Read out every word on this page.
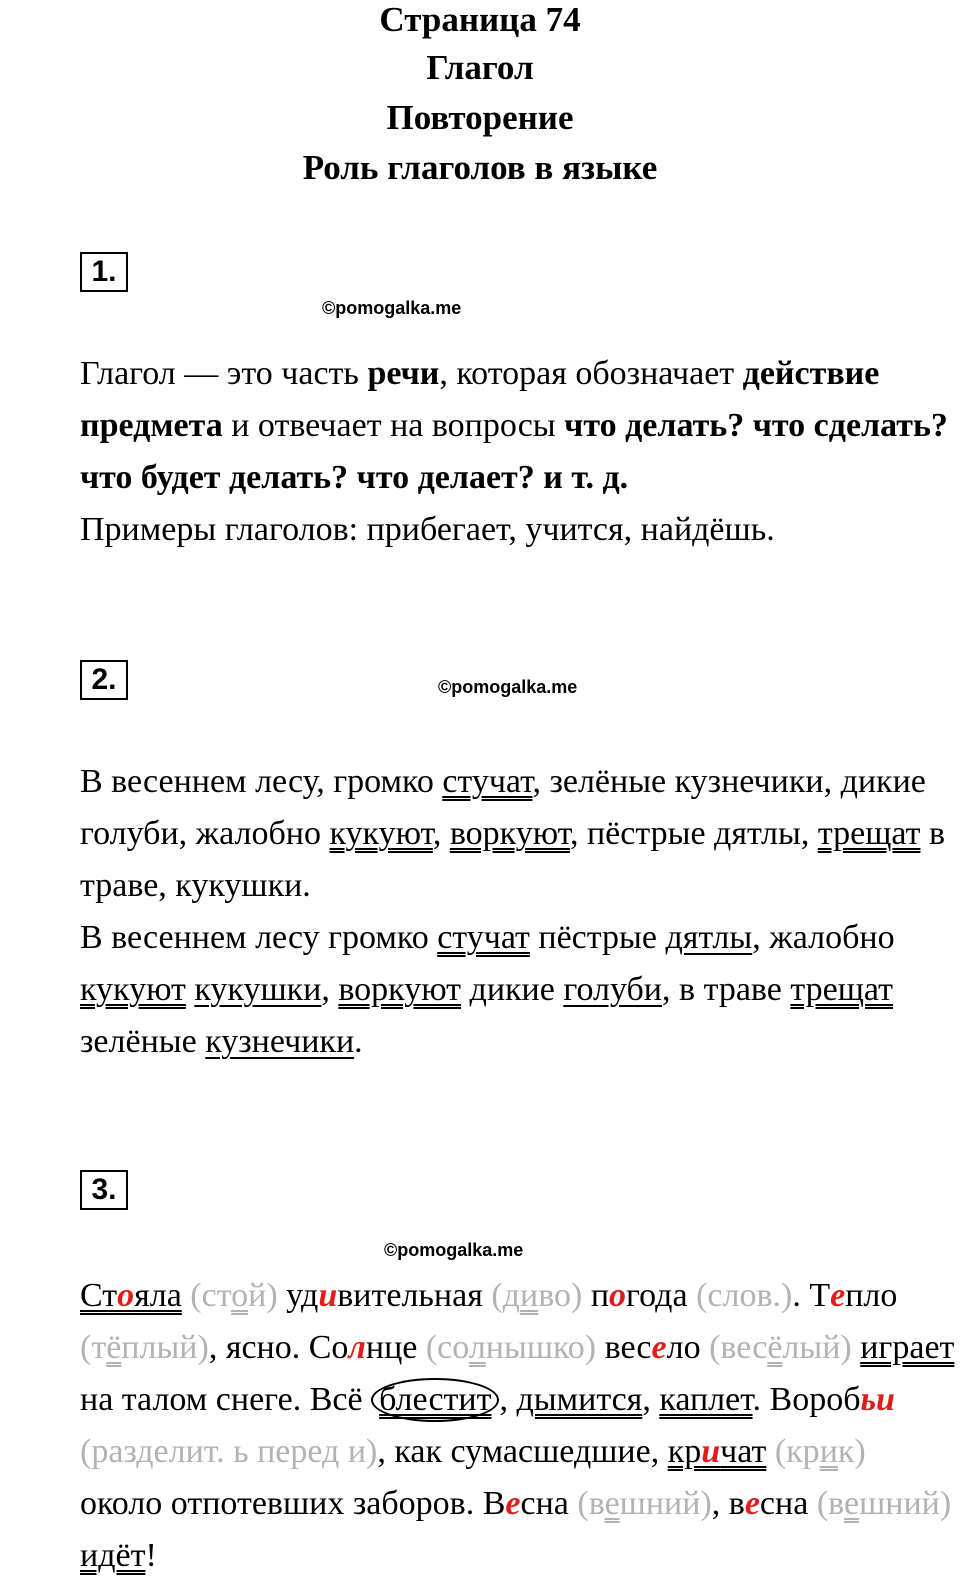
Страница 74
Глагол
Повторение
Роль глаголов в языке
1.
©pomogalka.me
Глагол — это часть речи, которая обозначает действие предмета и отвечает на вопросы что делать? что сделать? что будет делать? что делает? и т. д.
Примеры глаголов: прибегает, учится, найдёшь.
2.	©pomogalka.me
В весеннем лесу, громко стучат, зелёные кузнечики, дикие голуби, жалобно кукуют, воркуют, пёстрые дятлы, трещат в траве, кукушки.
В весеннем лесу громко стучат пёстрые дятлы, жалобно кукуют кукушки, воркуют дикие голуби, в траве трещат зелёные кузнечики.
3.
©pomogalka.me
Стояла (стой) удивительная (диво) погода (слов.). Тепло (тёплый), ясно. Солнце (солнышко) весело (весёлый) играет на талом снеге. Всё блестит , дымится, каплет. Воробьи (разделит. ь перед и), как сумасшедшие, кричат (крик) около отпотевших заборов. Весна (вешний), весна (вешний) идёт!
